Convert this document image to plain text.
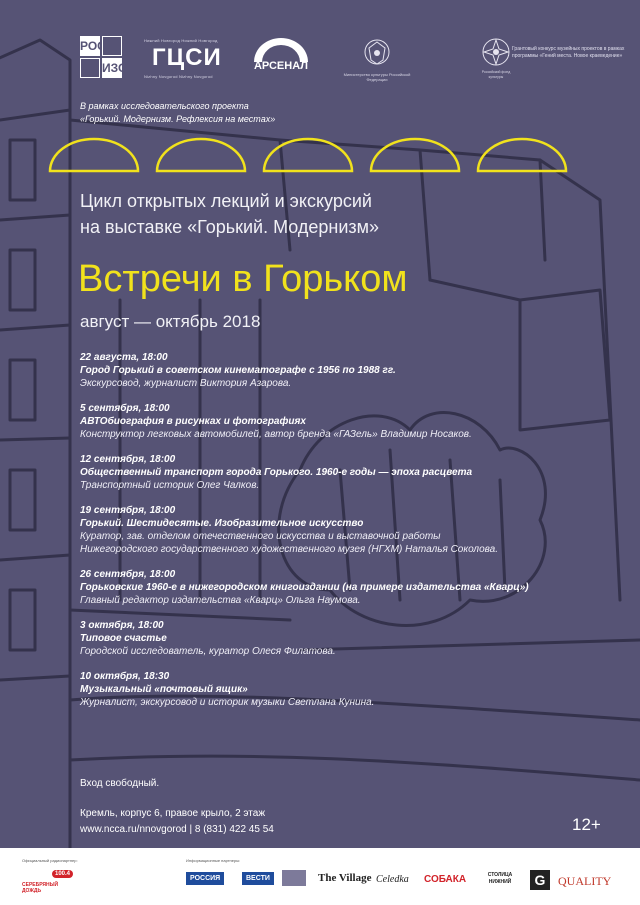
РОС
ИЗО
Нижний Новгород Нижний Новгород
ГЦСИ
Nizhny Novgorod Nizhny Novgorod
АРСЕНАЛ
Министерство культуры Российской Федерации
Российский фонд культуры
Грантовый конкурс музейных проектов в рамках программы «Гений места. Новое краеведение»
В рамках исследовательского проекта
«Горький. Модернизм. Рефлексия на местах»
Цикл открытых лекций и экскурсий
на выставке «Горький. Модернизм»
Встречи в Горьком
август — октябрь 2018
22 августа, 18:00
Город Горький в советском кинематографе с 1956 по 1988 гг.
Экскурсовод, журналист Виктория Азарова.
5 сентября, 18:00
АВТОбиография в рисунках и фотографиях
Конструктор легковых автомобилей, автор бренда «ГАЗель» Владимир Носаков.
12 сентября, 18:00
Общественный транспорт города Горького. 1960-е годы — эпоха расцвета
Транспортный историк Олег Чалков.
19 сентября, 18:00
Горький. Шестидесятые. Изобразительное искусство
Куратор, зав. отделом отечественного искусства и выставочной работы
Нижегородского государственного художественного музея (НГХМ) Наталья Соколова.
26 сентября, 18:00
Горьковские 1960-е в нижегородском книгоиздании (на примере издательства «Кварц»)
Главный редактор издательства «Кварц» Ольга Наумова.
3 октября, 18:00
Типовое счастье
Городской исследователь, куратор Олеся Филатова.
10 октября, 18:30
Музыкальный «почтовый ящик»
Журналист, экскурсовод и историк музыки Светлана Кунина.
Вход свободный.
Кремль, корпус 6, правое крыло, 2 этаж
www.ncca.ru/nnovgorod | 8 (831) 422 45 54	12+
Официальный радиопартнер:
100.4
СЕРЕБРЯНЫЙ ДОЖДЬ
Информационные партнеры:
РОССИЯ	ВЕСТИ	The Village Celedka СОБАКА	СТОЛИЦА НИЖНИЙ	G	QUALITY
